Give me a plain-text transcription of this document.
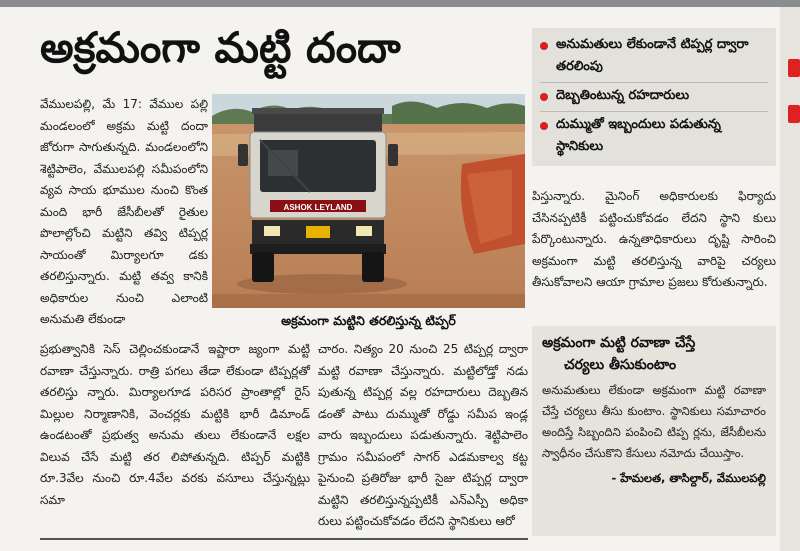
అక్రమంగా మట్టి దందా	అనుమతులు లేకుండానే టిప్పర్ల ద్వారా తరలింపు
దెబ్బతింటున్న రహదారులు
దుమ్ముతో ఇబ్బందులు పడుతున్న స్థానికులు
వేములపల్లి, మే 17: వేముల పల్లి మండలంలో అక్రమ మట్టి దందా జోరుగా సాగుతున్నది. మండలంలోని శెట్టిపాలెం, వేములపల్లి సమీపంలోని వ్యవ సాయ భూముల నుంచి కొంత మంది భారీ జేసీబీలతో రైతుల పొలాల్లోంచి మట్టిని తవ్వి టిప్పర్ల సాయంతో మిర్యాలగూ డకు తరలిస్తున్నారు. మట్టి తవ్వ కానికి అధికారుల నుంచి ఎలాంటి అనుమతి లేకుండా
ASHOK LEYLAND
అక్రమంగా మట్టిని తరలిస్తున్న టిప్పర్
ప్రభుత్వానికి సెస్ చెల్లించకుండానే ఇష్టారా జ్యంగా మట్టి రవాణా చేస్తున్నారు. రాత్రి పగలు తేడా లేకుండా టిప్పర్లతో తరలిస్తు న్నారు. మిర్యాలగూడ పరిసర ప్రాంతాల్లో రైస్ మిల్లుల నిర్మాణానికి, వెంచర్లకు మట్టికి భారీ డిమాండ్ ఉండటంతో ప్రభుత్వ అనుమ తులు లేకుండానే లక్షల విలువ చేసే మట్టి తర లిపోతున్నది. టిప్పర్ మట్టికి రూ.3వేల నుంచి రూ.4వేల వరకు వసూలు చేస్తున్నట్లు సమా
చారం. నిత్యం 20 నుంచి 25 టిప్పర్ల ద్వారా మట్టి రవాణా చేస్తున్నారు. మట్టిలోడ్తో నడు పుతున్న టిప్పర్ల వల్ల రహదారులు దెబ్బతిన డంతో పాటు దుమ్ముతో రోడ్డు సమీప ఇండ్ల వారు ఇబ్బందులు పడుతున్నారు. శెట్టిపాలెం గ్రామం సమీపంలో సాగర్ ఎడమకాల్వ కట్ట పైనుంచి ప్రతిరోజు భారీ సైజు టిప్పర్ల ద్వారా మట్టిని తరలిస్తున్నప్పటికీ ఎన్ఎస్పీ అధికా రులు పట్టించుకోవడం లేదని స్థానికులు ఆరో
పిస్తున్నారు. మైనింగ్ అధికారులకు ఫిర్యాదు చేసినప్పటికీ పట్టించుకోవడం లేదని స్థాని కులు పేర్కొంటున్నారు. ఉన్నతాధికారులు దృష్టి సారించి అక్రమంగా మట్టి తరలిస్తున్న వారిపై చర్యలు తీసుకోవాలని ఆయా గ్రామాల ప్రజలు కోరుతున్నారు.
అక్రమంగా మట్టి రవాణా చేస్తే
చర్యలు తీసుకుంటాం
అనుమతులు లేకుండా అక్రమంగా మట్టి రవాణా చేస్తే చర్యలు తీసు కుంటాం. స్థానికులు సమాచారం అందిస్తే సిబ్బందిని పంపించి టిప్ప ర్లను, జేసీబీలను స్వాధీనం చేసుకొని కేసులు నమోదు చేయిస్తాం.
- హేమలత, తాసిల్దార్, వేములపల్లి
